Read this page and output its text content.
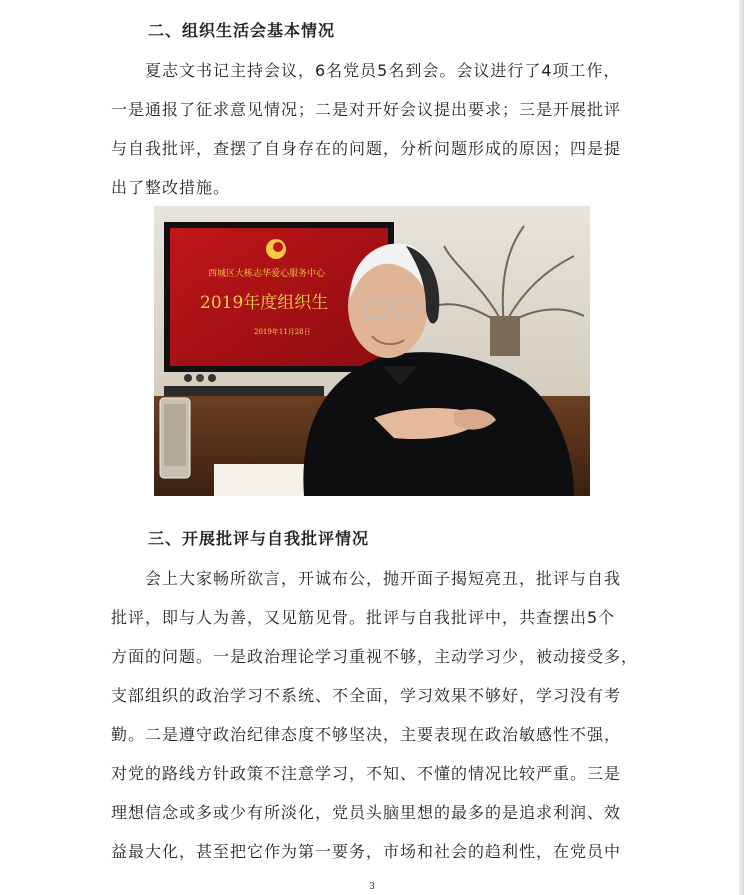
二、组织生活会基本情况

夏志文书记主持会议，6名党员5名到会。会议进行了4项工作，

一是通报了征求意见情况；二是对开好会议提出要求；三是开展批评

与自我批评，查摆了自身存在的问题，分析问题形成的原因；四是提

出了整改措施。

西城区大栋志华爱心服务中心
2019年度组织生
2019年11月28日
三、开展批评与自我批评情况

会上大家畅所欲言，开诚布公，抛开面子揭短亮丑，批评与自我

批评，即与人为善，又见筋见骨。批评与自我批评中，共查摆出5个

方面的问题。一是政治理论学习重视不够，主动学习少，被动接受多，

支部组织的政治学习不系统、不全面，学习效果不够好，学习没有考

勤。二是遵守政治纪律态度不够坚决，主要表现在政治敏感性不强，

对党的路线方针政策不注意学习，不知、不懂的情况比较严重。三是

理想信念或多或少有所淡化，党员头脑里想的最多的是追求利润、效

益最大化，甚至把它作为第一要务，市场和社会的趋利性，在党员中

3
